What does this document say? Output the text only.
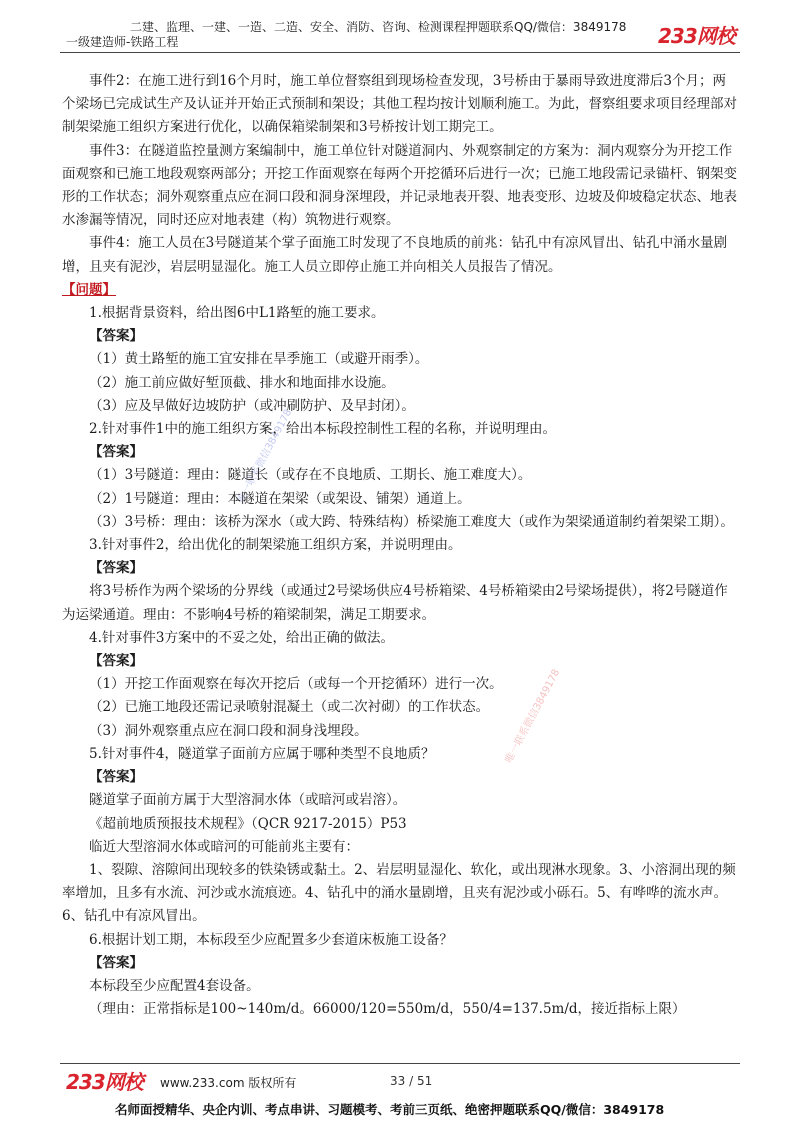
二建、监理、一建、一造、二造、安全、消防、咨询、检测课程押题联系QQ/微信：3849178
一级建造师-铁路工程	233网校
唯一联系微信3849178
唯一联系微信3849178

事件2：在施工进行到16个月时，施工单位督察组到现场检查发现，3号桥由于暴雨导致进度滞后3个月；两个梁场已完成试生产及认证并开始正式预制和架设；其他工程均按计划顺利施工。为此，督察组要求项目经理部对制架梁施工组织方案进行优化，以确保箱梁制架和3号桥按计划工期完工。

事件3：在隧道监控量测方案编制中，施工单位针对隧道洞内、外观察制定的方案为：洞内观察分为开挖工作面观察和已施工地段观察两部分；开挖工作面观察在每两个开挖循环后进行一次；已施工地段需记录锚杆、钢架变形的工作状态；洞外观察重点应在洞口段和洞身深埋段，并记录地表开裂、地表变形、边坡及仰坡稳定状态、地表水渗漏等情况，同时还应对地表建（构）筑物进行观察。

事件4：施工人员在3号隧道某个掌子面施工时发现了不良地质的前兆：钻孔中有凉风冒出、钻孔中涌水量剧增，且夹有泥沙，岩层明显湿化。施工人员立即停止施工并向相关人员报告了情况。

【问题】

1.根据背景资料，给出图6中L1路堑的施工要求。

【答案】

（1）黄土路堑的施工宜安排在旱季施工（或避开雨季）。

（2）施工前应做好堑顶截、排水和地面排水设施。

（3）应及早做好边坡防护（或冲刷防护、及早封闭）。

2.针对事件1中的施工组织方案，给出本标段控制性工程的名称，并说明理由。

【答案】

（1）3号隧道：理由：隧道长（或存在不良地质、工期长、施工难度大）。

（2）1号隧道：理由：本隧道在架梁（或架设、铺架）通道上。

（3）3号桥：理由：该桥为深水（或大跨、特殊结构）桥梁施工难度大（或作为架梁通道制约着架梁工期）。

3.针对事件2，给出优化的制架梁施工组织方案，并说明理由。

【答案】

将3号桥作为两个梁场的分界线（或通过2号梁场供应4号桥箱梁、4号桥箱梁由2号梁场提供），将2号隧道作为运梁通道。理由：不影响4号桥的箱梁制架，满足工期要求。

4.针对事件3方案中的不妥之处，给出正确的做法。

【答案】

（1）开挖工作面观察在每次开挖后（或每一个开挖循环）进行一次。

（2）已施工地段还需记录喷射混凝土（或二次衬砌）的工作状态。

（3）洞外观察重点应在洞口段和洞身浅埋段。

5.针对事件4，隧道掌子面前方应属于哪种类型不良地质？

【答案】

隧道掌子面前方属于大型溶洞水体（或暗河或岩溶）。

《超前地质预报技术规程》（QCR 9217-2015）P53

临近大型溶洞水体或暗河的可能前兆主要有：

1、裂隙、溶隙间出现较多的铁染锈或黏土。2、岩层明显湿化、软化，或出现淋水现象。3、小溶洞出现的频率增加，且多有水流、河沙或水流痕迹。4、钻孔中的涌水量剧增，且夹有泥沙或小砾石。5、有哗哗的流水声。6、钻孔中有凉风冒出。

6.根据计划工期，本标段至少应配置多少套道床板施工设备？

【答案】

本标段至少应配置4套设备。

（理由：正常指标是100~140m/d。66000/120=550m/d，550/4=137.5m/d，接近指标上限）

233网校 www.233.com 版权所有	33 / 51
名师面授精华、央企内训、考点串讲、习题模考、考前三页纸、绝密押题联系QQ/微信：3849178
